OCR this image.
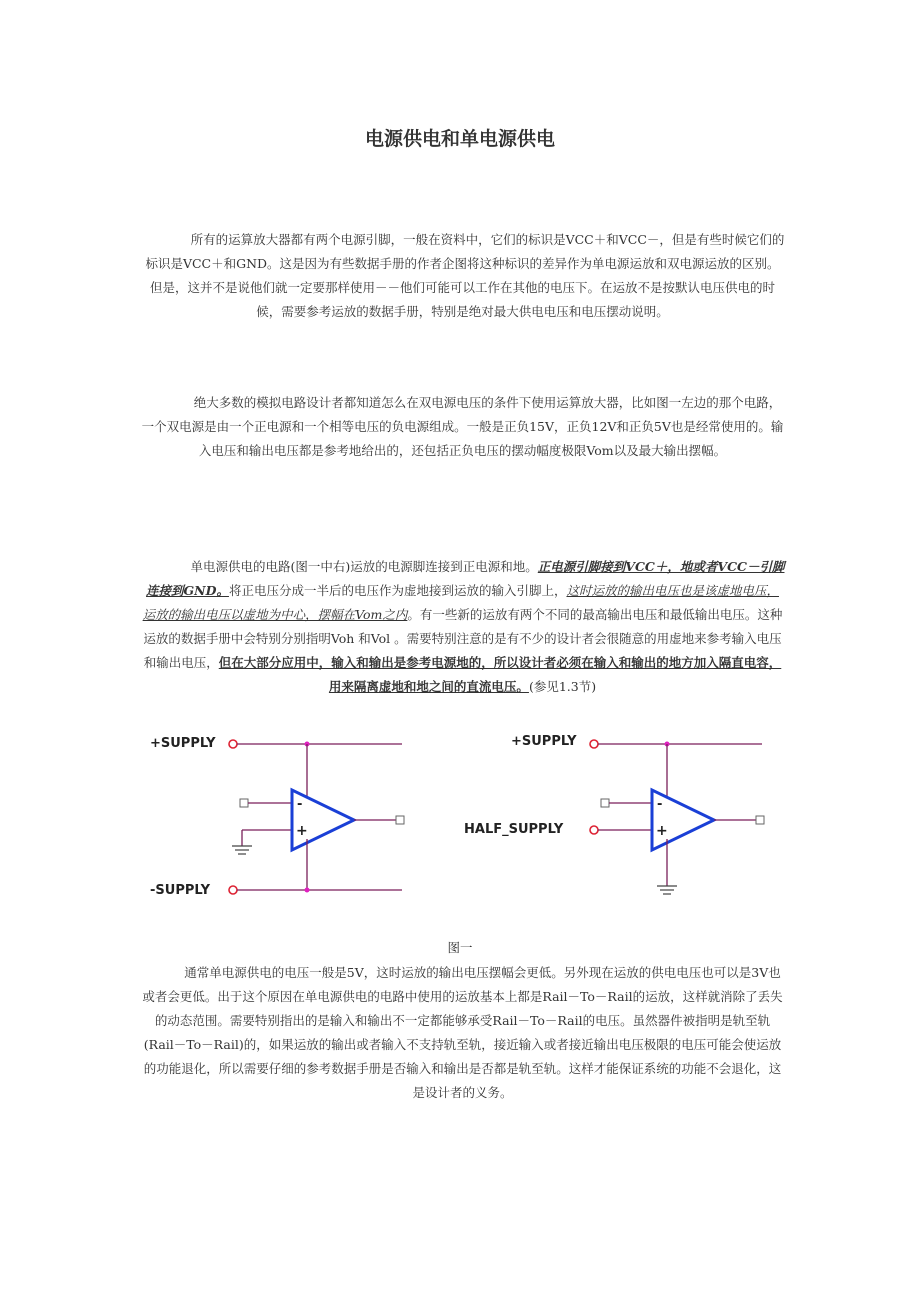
电源供电和单电源供电
所有的运算放大器都有两个电源引脚，一般在资料中，它们的标识是VCC＋和VCC－，但是有些时候它们的标识是VCC＋和GND。这是因为有些数据手册的作者企图将这种标识的差异作为单电源运放和双电源运放的区别。但是，这并不是说他们就一定要那样使用－－他们可能可以工作在其他的电压下。在运放不是按默认电压供电的时候，需要参考运放的数据手册，特别是绝对最大供电电压和电压摆动说明。
绝大多数的模拟电路设计者都知道怎么在双电源电压的条件下使用运算放大器，比如图一左边的那个电路，一个双电源是由一个正电源和一个相等电压的负电源组成。一般是正负15V，正负12V和正负5V也是经常使用的。输入电压和输出电压都是参考地给出的，还包括正负电压的摆动幅度极限Vom以及最大输出摆幅。
单电源供电的电路(图一中右)运放的电源脚连接到正电源和地。正电源引脚接到VCC＋，地或者VCC－引脚连接到GND。将正电压分成一半后的电压作为虚地接到运放的输入引脚上，这时运放的输出电压也是该虚地电压，运放的输出电压以虚地为中心，摆幅在Vom之内。有一些新的运放有两个不同的最高输出电压和最低输出电压。这种运放的数据手册中会特别分别指明Voh 和Vol 。需要特别注意的是有不少的设计者会很随意的用虚地来参考输入电压和输出电压，但在大部分应用中，输入和输出是参考电源地的，所以设计者必须在输入和输出的地方加入隔直电容，用来隔离虚地和地之间的直流电压。(参见1.3节)
+SUPPLY
-
+
-SUPPLY
+SUPPLY
HALF_SUPPLY
-
+
图一
通常单电源供电的电压一般是5V，这时运放的输出电压摆幅会更低。另外现在运放的供电电压也可以是3V也或者会更低。出于这个原因在单电源供电的电路中使用的运放基本上都是Rail－To－Rail的运放，这样就消除了丢失的动态范围。需要特别指出的是输入和输出不一定都能够承受Rail－To－Rail的电压。虽然器件被指明是轨至轨(Rail－To－Rail)的，如果运放的输出或者输入不支持轨至轨，接近输入或者接近输出电压极限的电压可能会使运放的功能退化，所以需要仔细的参考数据手册是否输入和输出是否都是轨至轨。这样才能保证系统的功能不会退化，这是设计者的义务。
